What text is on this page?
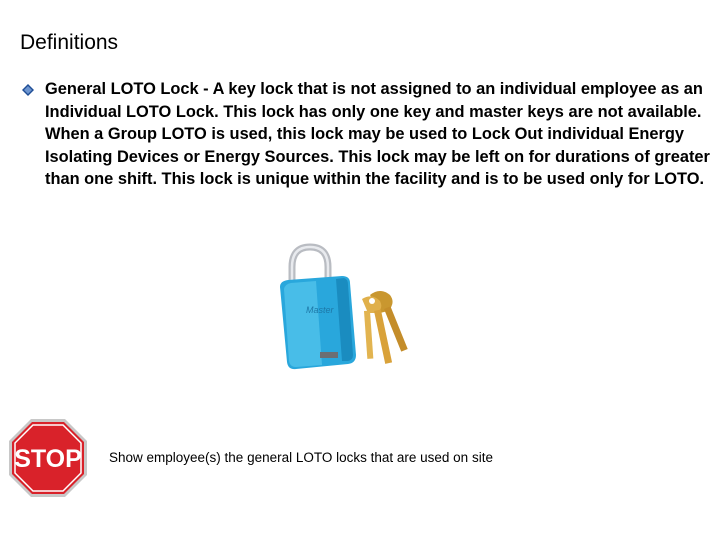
Definitions
General LOTO Lock - A key lock that is not assigned to an individual employee as an Individual LOTO Lock. This lock has only one key and master keys are not available. When a Group LOTO is used, this lock may be used to Lock Out individual Energy Isolating Devices or Energy Sources. This lock may be left on for durations of greater than one shift. This lock is unique within the facility and is to be used only for LOTO.
Master
STOP Show employee(s) the general LOTO locks that are used on site
